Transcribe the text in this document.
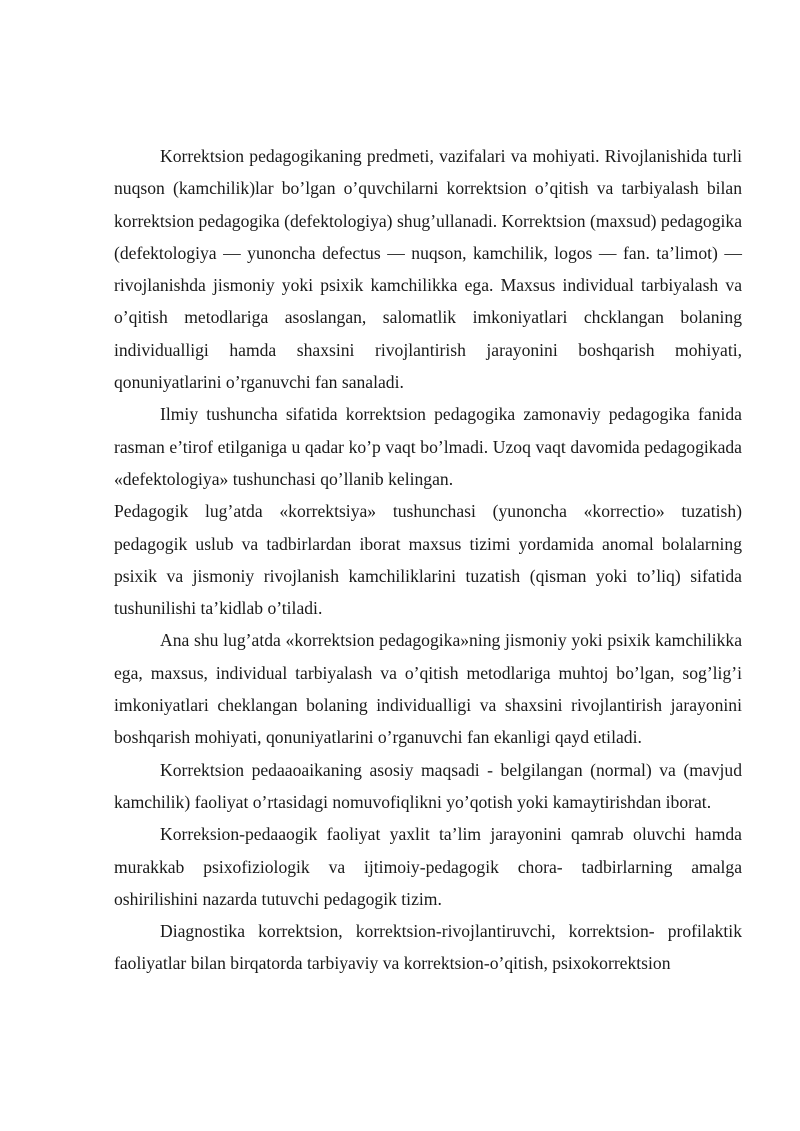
Korrektsion pedagogikaning predmeti, vazifalari va mohiyati. Rivojlanishida turli nuqson (kamchilik)lar bo’lgan o’quvchilarni korrektsion o’qitish va tarbiyalash bilan korrektsion pedagogika (defektologiya) shug’ullanadi. Korrektsion (maxsud) pedagogika (defektologiya — yunoncha defectus — nuqson, kamchilik, logos — fan. ta’limot) — rivojlanishda jismoniy yoki psixik kamchilikka ega. Maxsus individual tarbiyalash va o’qitish metodlariga asoslangan, salomatlik imkoniyatlari chcklangan bolaning individualligi hamda shaxsini rivojlantirish jarayonini boshqarish mohiyati, qonuniyatlarini o’rganuvchi fan sanaladi.

Ilmiy tushuncha sifatida korrektsion pedagogika zamonaviy pedagogika fanida rasman e’tirof etilganiga u qadar ko’p vaqt bo’lmadi. Uzoq vaqt davomida pedagogikada «defektologiya» tushunchasi qo’llanib kelingan.

Pedagogik lug’atda «korrektsiya» tushunchasi (yunoncha «korrectio» tuzatish) pedagogik uslub va tadbirlardan iborat maxsus tizimi yordamida anomal bolalarning psixik va jismoniy rivojlanish kamchiliklarini tuzatish (qisman yoki to’liq) sifatida tushunilishi ta’kidlab o’tiladi.

Ana shu lug’atda «korrektsion pedagogika»ning jismoniy yoki psixik kamchilikka ega, maxsus, individual tarbiyalash va o’qitish metodlariga muhtoj bo’lgan, sog’lig’i imkoniyatlari cheklangan bolaning individualligi va shaxsini rivojlantirish jarayonini boshqarish mohiyati, qonuniyatlarini o’rganuvchi fan ekanligi qayd etiladi.

Korrektsion pedaaoaikaning asosiy maqsadi - belgilangan (normal) va (mavjud kamchilik) faoliyat o’rtasidagi nomuvofiqlikni yo’qotish yoki kamaytirishdan iborat.

Korreksion-pedaaogik faoliyat yaxlit ta’lim jarayonini qamrab oluvchi hamda murakkab psixofiziologik va ijtimoiy-pedagogik chora- tadbirlarning amalga oshirilishini nazarda tutuvchi pedagogik tizim.

Diagnostika korrektsion, korrektsion-rivojlantiruvchi, korrektsion- profilaktik faoliyatlar bilan birqatorda tarbiyaviy va korrektsion-o’qitish, psixokorrektsion
